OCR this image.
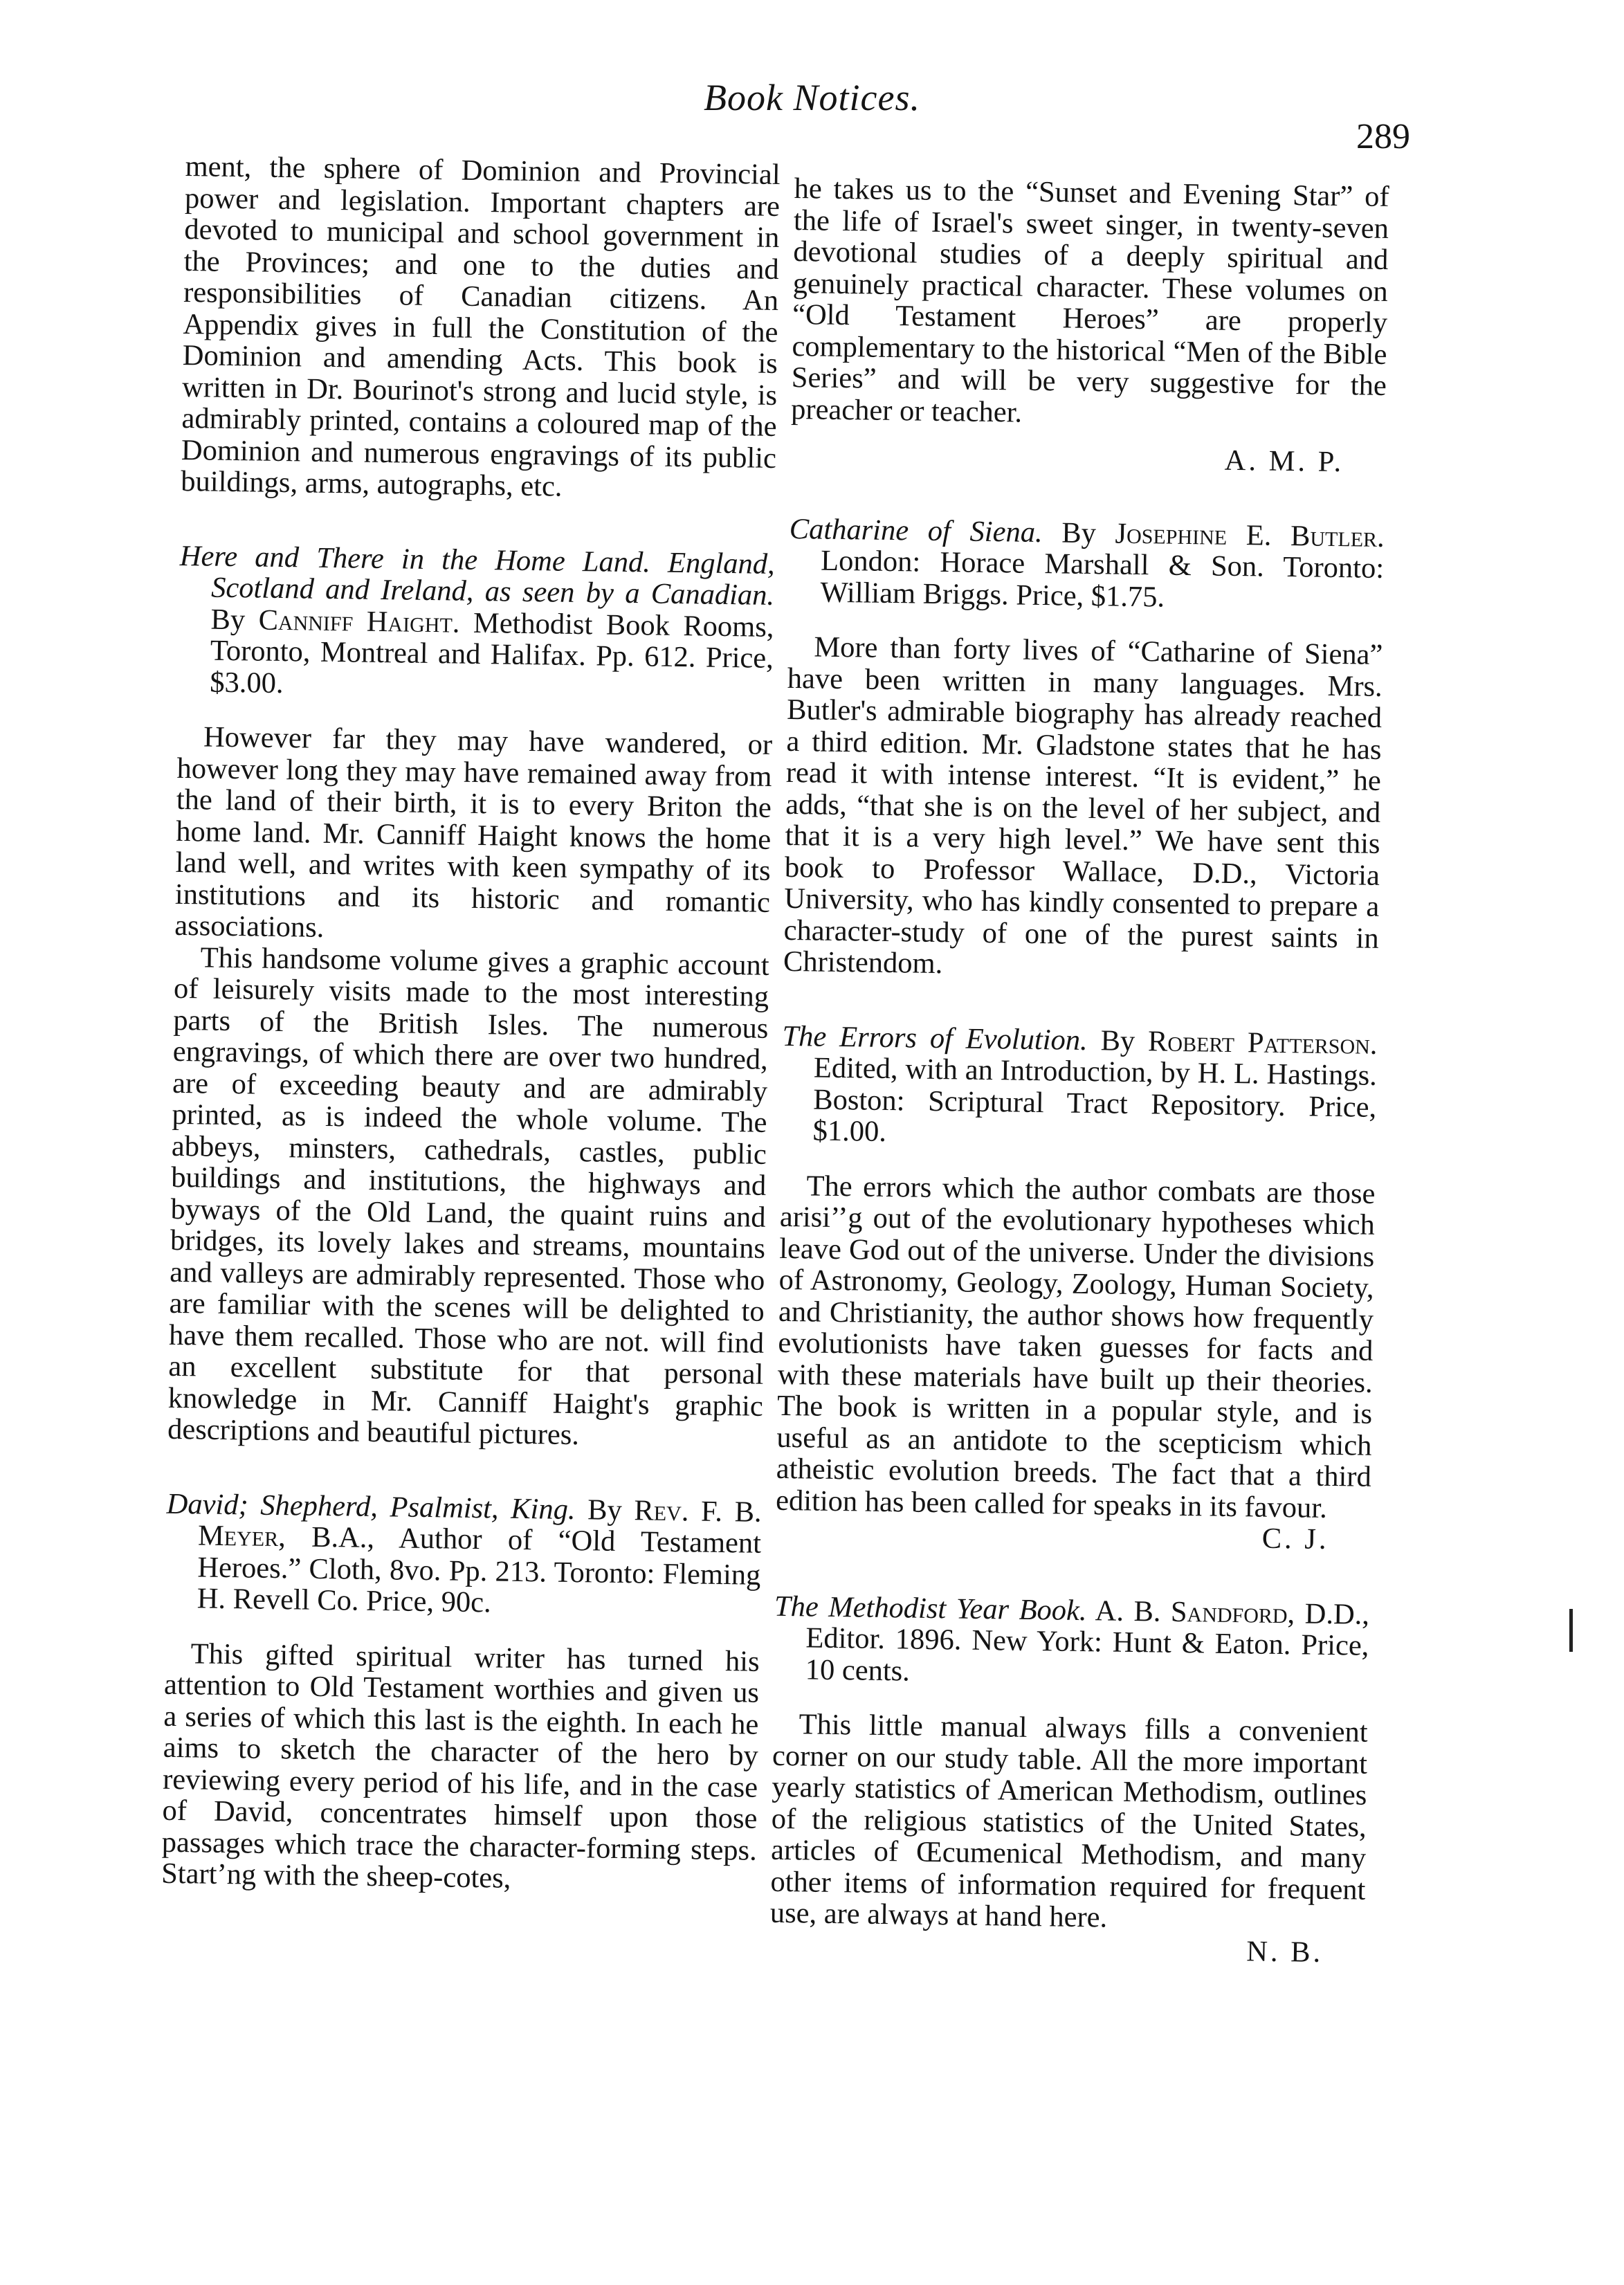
Book Notices.
289

ment, the sphere of Dominion and Provincial power and legislation. Important chapters are devoted to municipal and school government in the Provinces; and one to the duties and responsibilities of Canadian citizens. An Appendix gives in full the Constitution of the Dominion and amending Acts. This book is written in Dr. Bourinot's strong and lucid style, is admirably printed, contains a coloured map of the Dominion and numerous engravings of its public buildings, arms, autographs, etc.

Here and There in the Home Land. England, Scotland and Ireland, as seen by a Canadian. By Canniff Haight. Methodist Book Rooms, Toronto, Montreal and Halifax. Pp. 612. Price, $3.00.

However far they may have wandered, or however long they may have remained away from the land of their birth, it is to every Briton the home land. Mr. Canniff Haight knows the home land well, and writes with keen sympathy of its institutions and its historic and romantic associations.

This handsome volume gives a graphic account of leisurely visits made to the most interesting parts of the British Isles. The numerous engravings, of which there are over two hundred, are of exceeding beauty and are admirably printed, as is indeed the whole volume. The abbeys, minsters, cathedrals, castles, public buildings and institutions, the highways and byways of the Old Land, the quaint ruins and bridges, its lovely lakes and streams, mountains and valleys are admirably represented. Those who are familiar with the scenes will be delighted to have them recalled. Those who are not. will find an excellent substitute for that personal knowledge in Mr. Canniff Haight's graphic descriptions and beautiful pictures.

David; Shepherd, Psalmist, King. By Rev. F. B. Meyer, B.A., Author of “Old Testament Heroes.” Cloth, 8vo. Pp. 213. Toronto: Fleming H. Revell Co. Price, 90c.

This gifted spiritual writer has turned his attention to Old Testament worthies and given us a series of which this last is the eighth. In each he aims to sketch the character of the hero by reviewing every period of his life, and in the case of David, concentrates himself upon those passages which trace the character-forming steps. Start’ng with the sheep-cotes,

he takes us to the “Sunset and Evening Star” of the life of Israel's sweet singer, in twenty-seven devotional studies of a deeply spiritual and genuinely practical character. These volumes on “Old Testament Heroes” are properly complementary to the historical “Men of the Bible Series” and will be very suggestive for the preacher or teacher.

A. M. P.

Catharine of Siena. By Josephine E. Butler. London: Horace Marshall & Son. Toronto: William Briggs. Price, $1.75.

More than forty lives of “Catharine of Siena” have been written in many languages. Mrs. Butler's admirable biography has already reached a third edition. Mr. Gladstone states that he has read it with intense interest. “It is evident,” he adds, “that she is on the level of her subject, and that it is a very high level.” We have sent this book to Professor Wallace, D.D., Victoria University, who has kindly consented to prepare a character-study of one of the purest saints in Christendom.

The Errors of Evolution. By Robert Patterson. Edited, with an Introduction, by H. L. Hastings. Boston: Scriptural Tract Repository. Price, $1.00.

The errors which the author combats are those arisi’’g out of the evolutionary hypotheses which leave God out of the universe. Under the divisions of Astronomy, Geology, Zoology, Human Society, and Christianity, the author shows how frequently evolutionists have taken guesses for facts and with these materials have built up their theories. The book is written in a popular style, and is useful as an antidote to the scepticism which atheistic evolution breeds. The fact that a third edition has been called for speaks in its favour.

C. J.

The Methodist Year Book. A. B. Sandford, D.D., Editor. 1896. New York: Hunt & Eaton. Price, 10 cents.

This little manual always fills a convenient corner on our study table. All the more important yearly statistics of American Methodism, outlines of the religious statistics of the United States, articles of Œcumenical Methodism, and many other items of information required for frequent use, are always at hand here.

N. B.
